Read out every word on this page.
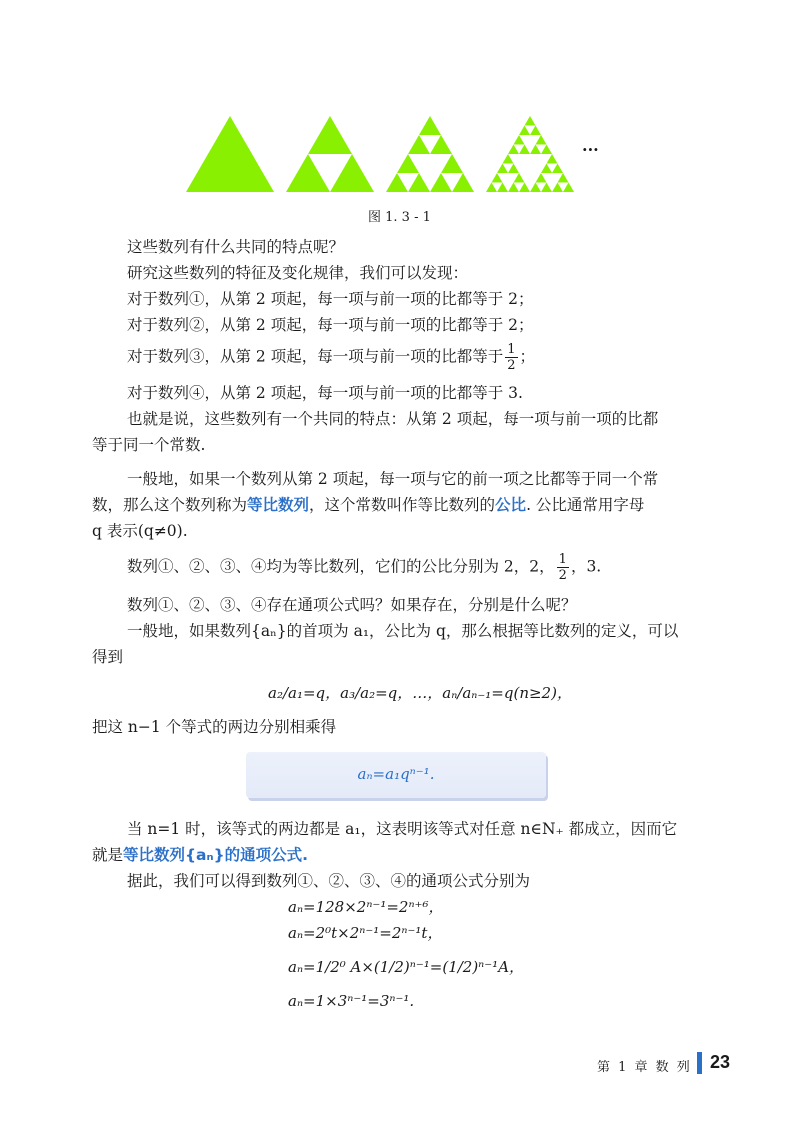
···
图 1. 3 - 1
这些数列有什么共同的特点呢？
研究这些数列的特征及变化规律，我们可以发现：
对于数列①，从第 2 项起，每一项与前一项的比都等于 2；
对于数列②，从第 2 项起，每一项与前一项的比都等于 2；
对于数列③，从第 2 项起，每一项与前一项的比都等于 $\frac{1}{2}$ ；
对于数列④，从第 2 项起，每一项与前一项的比都等于 3.
也就是说，这些数列有一个共同的特点：从第 2 项起，每一项与前一项的比都
等于同一个常数.
一般地，如果一个数列从第 2 项起，每一项与它的前一项之比都等于同一个常
数，那么这个数列称为等比数列，这个常数叫作等比数列的公比. 公比通常用字母
q 表示(q≠0).
数列①、②、③、④均为等比数列，它们的公比分别为 2，2， $\frac{1}{2}$ ，3.
数列①、②、③、④存在通项公式吗？如果存在，分别是什么呢？
一般地，如果数列{aₙ}的首项为 a₁，公比为 q，那么根据等比数列的定义，可以
得到
a₂/a₁=q，a₃/a₂=q，…，aₙ/aₙ₋₁=q(n≥2)，
把这 n−1 个等式的两边分别相乘得
aₙ=a₁qⁿ⁻¹.
当 n=1 时，该等式的两边都是 a₁，这表明该等式对任意 n∈N₊ 都成立，因而它
就是等比数列{aₙ}的通项公式.
据此，我们可以得到数列①、②、③、④的通项公式分别为
aₙ=128×2ⁿ⁻¹=2ⁿ⁺⁶，
aₙ=2⁰t×2ⁿ⁻¹=2ⁿ⁻¹t，
aₙ=1/2⁰ A×(1/2)ⁿ⁻¹=(1/2)ⁿ⁻¹A，
aₙ=1×3ⁿ⁻¹=3ⁿ⁻¹.
第 1 章 数 列 23
